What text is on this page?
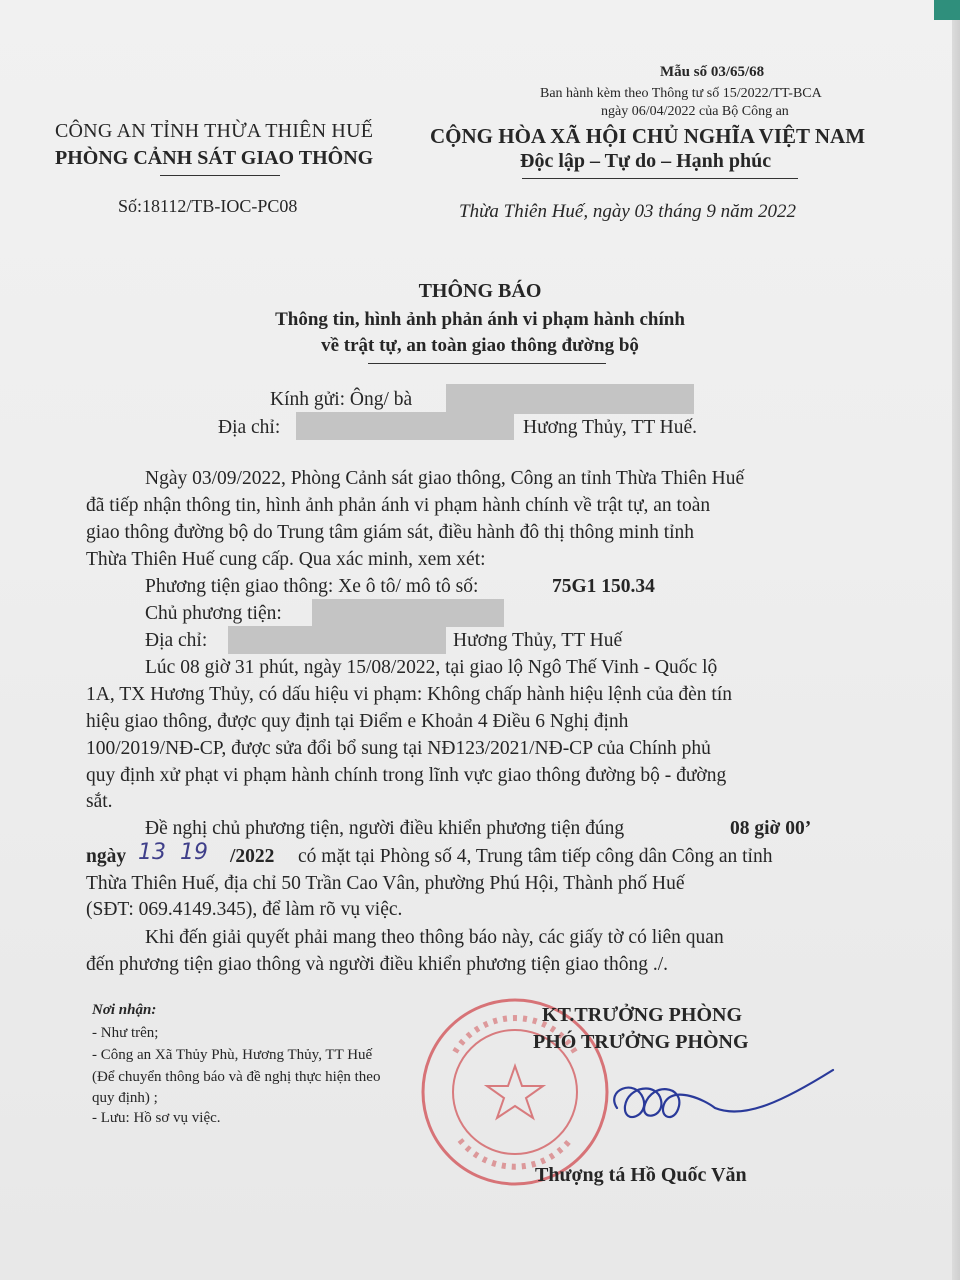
Mẫu số 03/65/68
Ban hành kèm theo Thông tư số 15/2022/TT-BCA
ngày 06/04/2022 của Bộ Công an
CÔNG AN TỈNH THỪA THIÊN HUẾ
PHÒNG CẢNH SÁT GIAO THÔNG
Số:18112/TB-IOC-PC08
CỘNG HÒA XÃ HỘI CHỦ NGHĨA VIỆT NAM
Độc lập – Tự do – Hạnh phúc
Thừa Thiên Huế, ngày 03 tháng 9 năm 2022
THÔNG BÁO
Thông tin, hình ảnh phản ánh vi phạm hành chính
về trật tự, an toàn giao thông đường bộ
Kính gửi: Ông/ bà
Địa chỉ:	Hương Thủy, TT Huế.
Ngày 03/09/2022, Phòng Cảnh sát giao thông, Công an tỉnh Thừa Thiên Huế
đã tiếp nhận thông tin, hình ảnh phản ánh vi phạm hành chính về trật tự, an toàn
giao thông đường bộ do Trung tâm giám sát, điều hành đô thị thông minh tỉnh
Thừa Thiên Huế cung cấp. Qua xác minh, xem xét:
Phương tiện giao thông: Xe ô tô/ mô tô số:	75G1 150.34
Chủ phương tiện:
Địa chỉ:	Hương Thủy, TT Huế
Lúc 08 giờ 31 phút, ngày 15/08/2022, tại giao lộ Ngô Thế Vinh - Quốc lộ
1A, TX Hương Thủy, có dấu hiệu vi phạm: Không chấp hành hiệu lệnh của đèn tín
hiệu giao thông, được quy định tại Điểm e Khoản 4 Điều 6 Nghị định
100/2019/NĐ-CP, được sửa đổi bổ sung tại NĐ123/2021/NĐ-CP của Chính phủ
quy định xử phạt vi phạm hành chính trong lĩnh vực giao thông đường bộ - đường
sắt.
Đề nghị chủ phương tiện, người điều khiển phương tiện đúng	08 giờ 00’
ngày 13 19 /2022 có mặt tại Phòng số 4, Trung tâm tiếp công dân Công an tỉnh
Thừa Thiên Huế, địa chỉ 50 Trần Cao Vân, phường Phú Hội, Thành phố Huế
(SĐT: 069.4149.345), để làm rõ vụ việc.
Khi đến giải quyết phải mang theo thông báo này, các giấy tờ có liên quan
đến phương tiện giao thông và người điều khiển phương tiện giao thông ./.
Nơi nhận:
- Như trên;
- Công an Xã Thủy Phù, Hương Thủy, TT Huế
(Để chuyển thông báo và đề nghị thực hiện theo
quy định) ;
- Lưu: Hồ sơ vụ việc.
KT.TRƯỞNG PHÒNG
PHÓ TRƯỞNG PHÒNG
Thượng tá Hồ Quốc Văn
